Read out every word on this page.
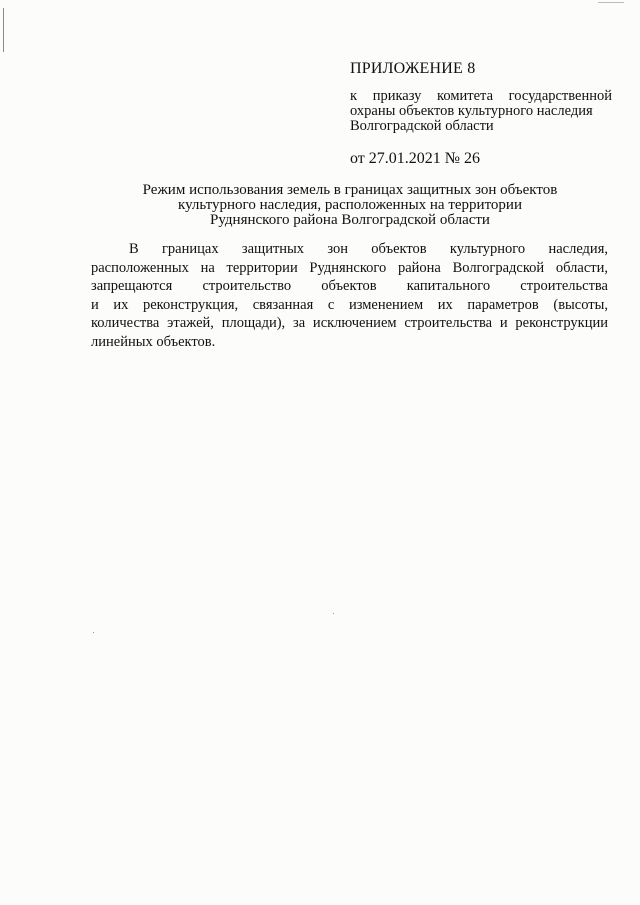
ПРИЛОЖЕНИЕ 8
к приказу комитета государственной
охраны объектов культурного наследия
Волгоградской области
от 27.01.2021 № 26
Режим использования земель в границах защитных зон объектов
культурного наследия, расположенных на территории
Руднянского района Волгоградской области
В границах защитных зон объектов культурного наследия,
расположенных на территории Руднянского района Волгоградской области,
запрещаются строительство объектов капитального строительства
и их реконструкция, связанная с изменением их параметров (высоты,
количества этажей, площади), за исключением строительства и реконструкции
линейных объектов.
